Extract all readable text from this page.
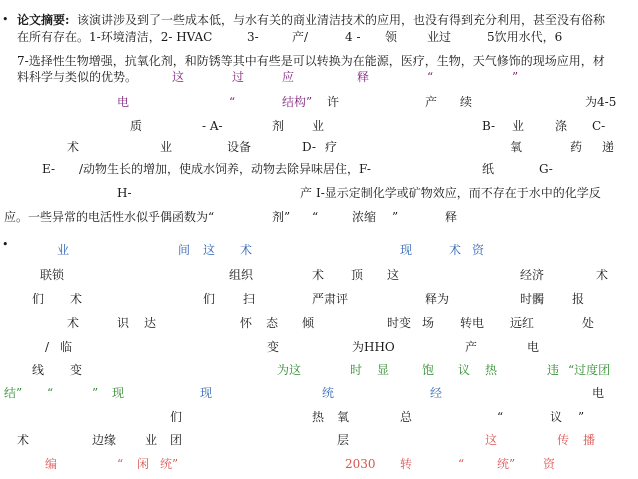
• 论文摘要: 该演讲涉及到了一些成本低，与水有关的商业清洁技术的应用，也没有得到充分利用，甚至没有俗称
在所有存在。1-环境清洁，2- HVAC	3-	产/	4 - 领 业过	5饮用水代，6
7-选择性生物增强，抗氧化剂，和防锈等其中有些是可以转换为在能源，医疗，生物，天气修饰的现场应用，材
料科学与类似的优势。	这	过	应	释	“	”
电	“	结构” 许	产 续	为4-5
质	- A-	剂 业	B- 业	涤 C-
术	业	设备	D- 疗	氧	药 递
E- /动物生长的增加，使成水饲养，动物去除异味居住，F-	纸	G-
H-	产 I-显示定制化学或矿物效应，而不存在于水中的化学反
应。一些异常的电活性水似乎偶函数为“	剂” “	浓缩 ”	释
•	业	间 这 术	现	术 资
联锁	组织	术 顶 这	经济	术
们 术	们 扫	严肃评	释为	时髑 报
术	识 达	怀 态 倾	时变 场 转电 远红	处
/ 临	变	为HHO	产	电
线 变	为这	时 显	饱 议 热	违 “过度团
结” “	” 现	现	统	经	电
们	热 氧	总	“	议 ”
术	边缘 业 团	层	这	传 播
编	“ 闲 统”	2030 转	“	统” 资
